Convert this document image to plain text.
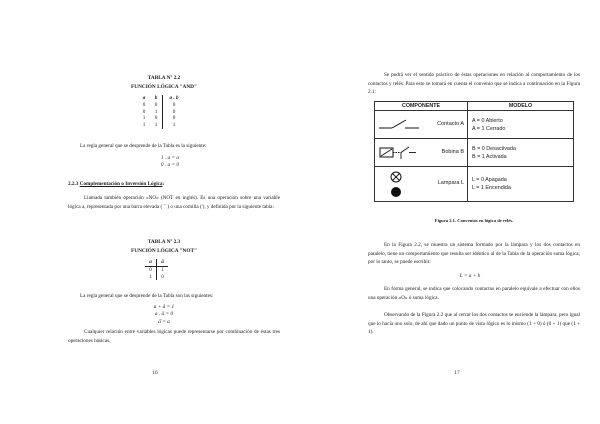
TABLA Nº 2.2
FUNCIÓN LÓGICA "AND"
a	b	a . b
0	0	0
0	1	0
1	0	0
1	1	1
La regla general que se desprende de la Tabla es la siguiente:
1 . a = a
0 . a = 0
2.2.3 Complementación o Inversión Lógica:
Llamada también operación «NO» (NOT en inglés). Es una operación sobre una variable lógica a, representada por una barra elevada ( ¯ ) o una comilla ('), y definida por la siguiente tabla:
TABLA Nº 2.3
FUNCIÓN LÓGICA "NOT"
a	ā
0	1
1	0
La regla general que se desprende de la Tabla son las siguientes:
a + ā = 1
a . ā = 0
ā̄ = a
Cualquier relación entre variables lógicas puede representarse por combinación de éstas tres operaciones básicas.
16
Se podrá ver el sentido práctico de éstas operaciones en relación al comportamiento de los contactos y relés. Para esto se tomará en cuenta el convenio que se indica a continuación en la Figura 2.1:
COMPONENTE	MODELO

Contacto A	A = 0 Abierto
A = 1 Cerrado

Bobina B	B = 0 Desactivada
B = 1 Activada

Lampara L	L = 0 Apagada
L = 1 Encendida
Figura 2.1. Convenios en lógica de relés.
En la Figura 2.2, se muestra un sistema formado por la lámpara y los dos contactos en paralelo, tiene un comportamiento que resulta ser idéntico al de la Tabla de la operación suma lógica; por lo tanto, se puede escribir:
L = a + b
En forma general, se indica que colocando contactos en paralelo equivale a efectuar con ellos una operación «O» ó suma lógica.
Observando de la Figura 2.2 que al cerrar los dos contactos se enciende la lámpara, pero igual que lo hacía uno solo, de ahí que dado un punto de vista lógico es lo mismo (1 + 0) ó (0 + 1) que (1 + 1).
17
